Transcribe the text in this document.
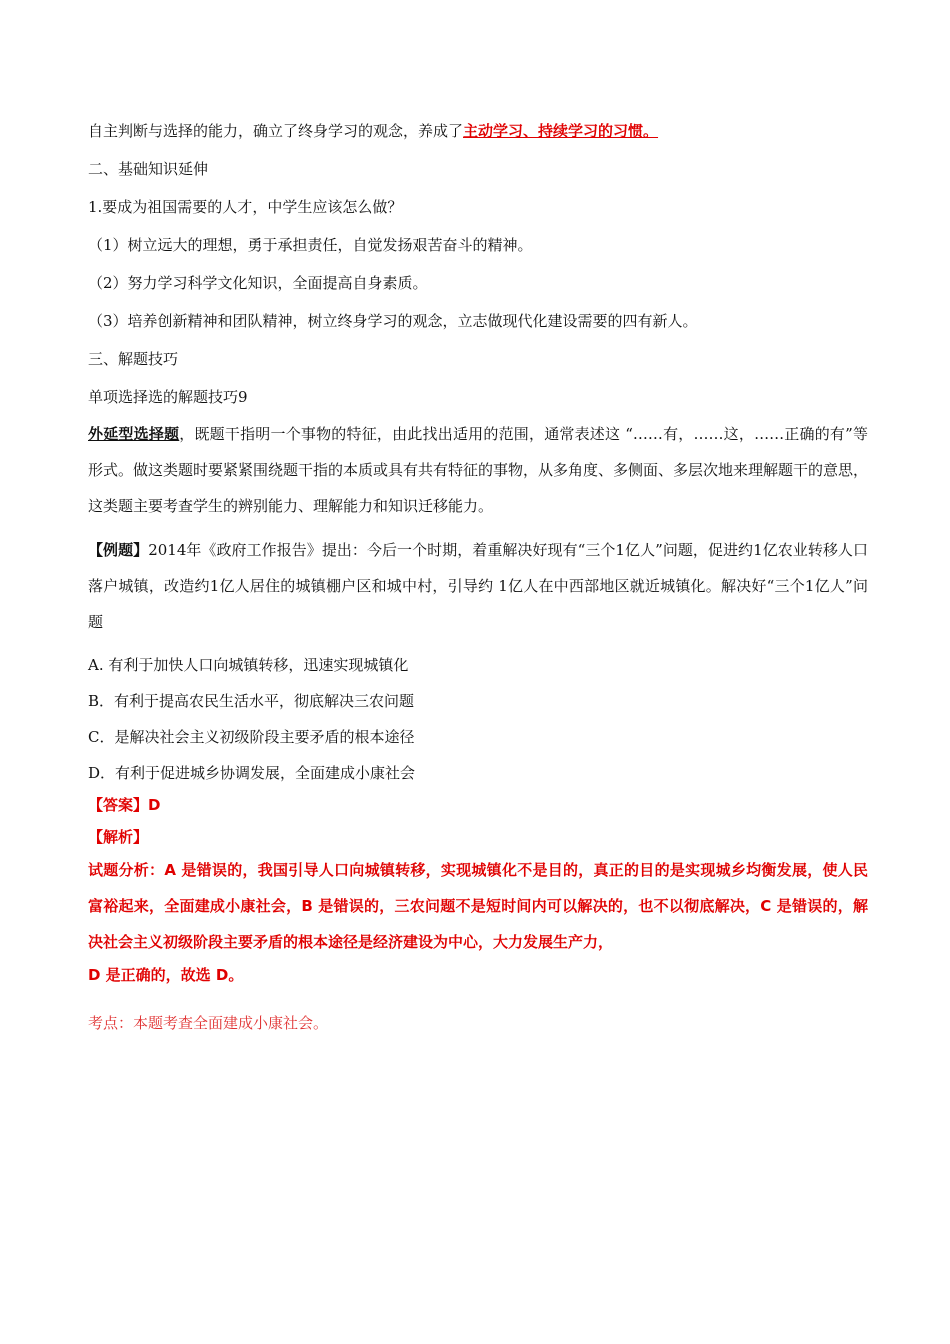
自主判断与选择的能力，确立了终身学习的观念，养成了主动学习、持续学习的习惯。
二、基础知识延伸
1.要成为祖国需要的人才，中学生应该怎么做？
（1）树立远大的理想，勇于承担责任，自觉发扬艰苦奋斗的精神。
（2）努力学习科学文化知识，全面提高自身素质。
（3）培养创新精神和团队精神，树立终身学习的观念，立志做现代化建设需要的四有新人。
三、解题技巧
单项选择选的解题技巧9
外延型选择题，既题干指明一个事物的特征，由此找出适用的范围，通常表述这 “……有，……这，……正确的有”等形式。做这类题时要紧紧围绕题干指的本质或具有共有特征的事物，从多角度、多侧面、多层次地来理解题干的意思，这类题主要考查学生的辨别能力、理解能力和知识迁移能力。
【例题】2014年《政府工作报告》提出：今后一个时期，着重解决好现有“三个1亿人”问题，促进约1亿农业转移人口落户城镇，改造约1亿人居住的城镇棚户区和城中村，引导约 1亿人在中西部地区就近城镇化。解决好“三个1亿人”问题
A. 有利于加快人口向城镇转移，迅速实现城镇化
B．有利于提高农民生活水平，彻底解决三农问题
C．是解决社会主义初级阶段主要矛盾的根本途径
D．有利于促进城乡协调发展，全面建成小康社会
【答案】D
【解析】
试题分析：A 是错误的，我国引导人口向城镇转移，实现城镇化不是目的，真正的目的是实现城乡均衡发展，使人民富裕起来，全面建成小康社会，B 是错误的，三农问题不是短时间内可以解决的，也不以彻底解决，C 是错误的，解决社会主义初级阶段主要矛盾的根本途径是经济建设为中心，大力发展生产力，
D 是正确的，故选 D。
考点：本题考查全面建成小康社会。
